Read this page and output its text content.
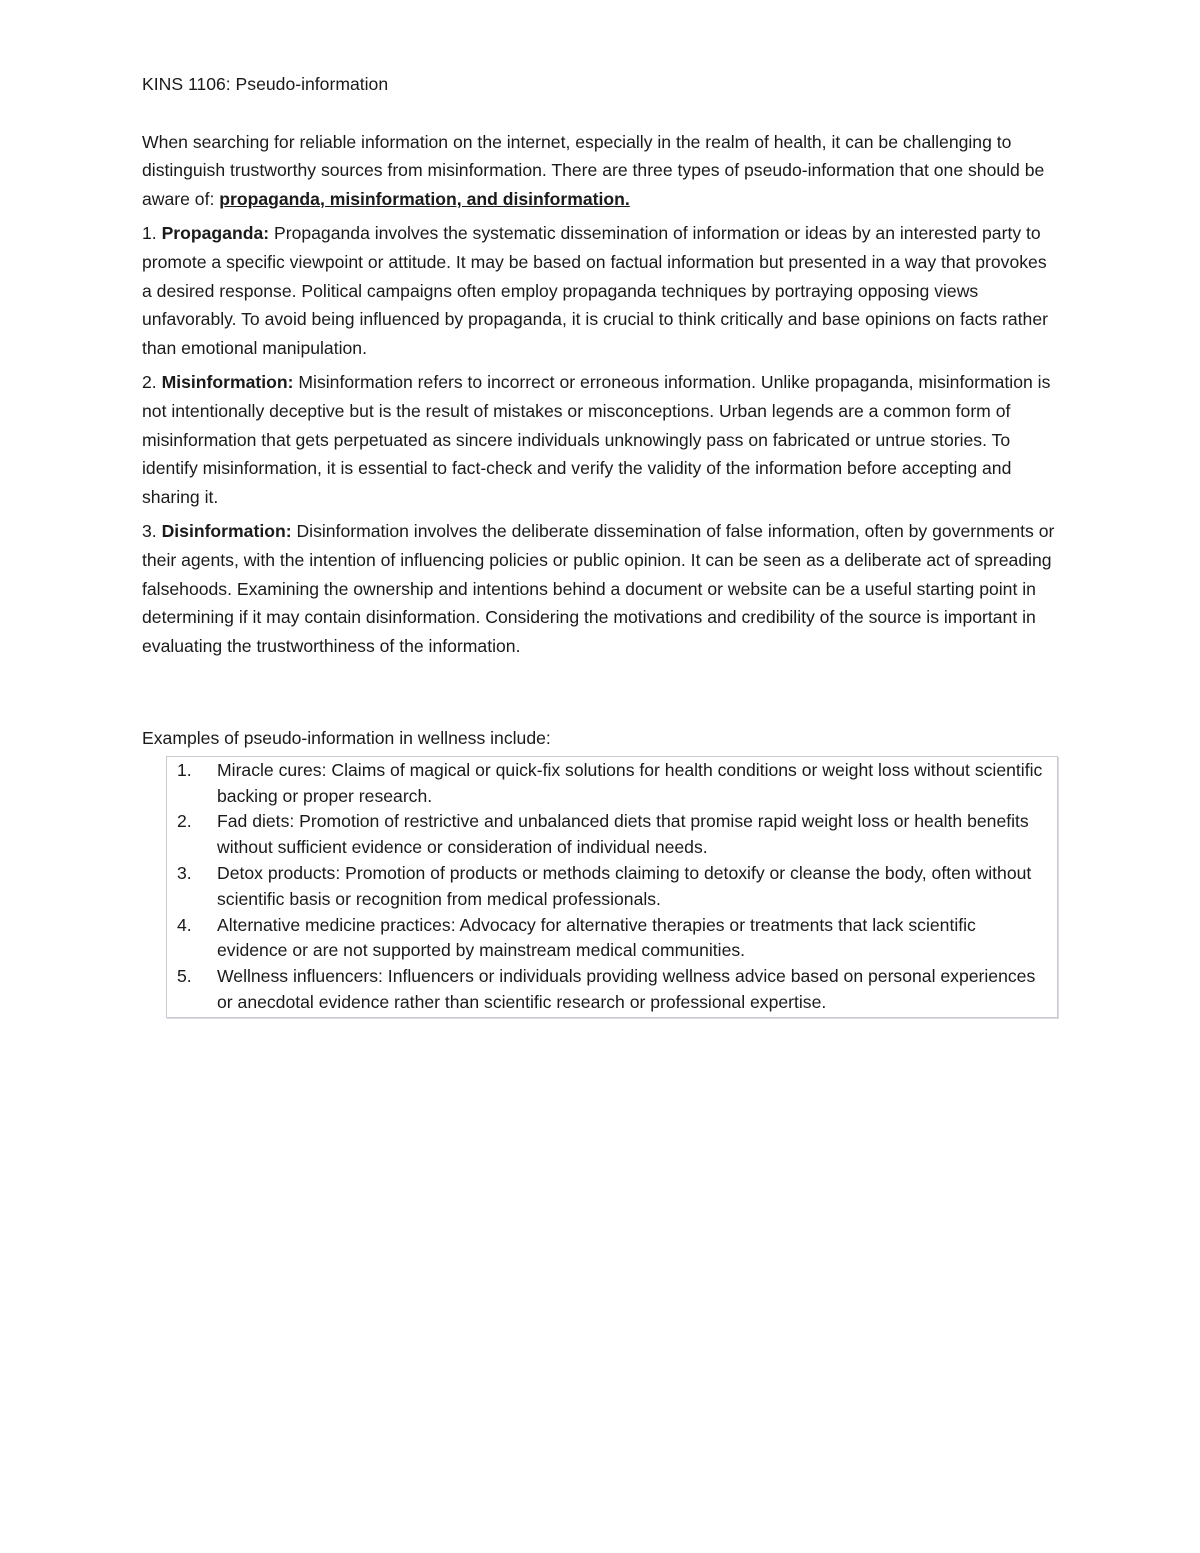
KINS 1106: Pseudo-information

When searching for reliable information on the internet, especially in the realm of health, it can be challenging to distinguish trustworthy sources from misinformation. There are three types of pseudo-information that one should be aware of: propaganda, misinformation, and disinformation.

1. Propaganda: Propaganda involves the systematic dissemination of information or ideas by an interested party to promote a specific viewpoint or attitude. It may be based on factual information but presented in a way that provokes a desired response. Political campaigns often employ propaganda techniques by portraying opposing views unfavorably. To avoid being influenced by propaganda, it is crucial to think critically and base opinions on facts rather than emotional manipulation.

2. Misinformation: Misinformation refers to incorrect or erroneous information. Unlike propaganda, misinformation is not intentionally deceptive but is the result of mistakes or misconceptions. Urban legends are a common form of misinformation that gets perpetuated as sincere individuals unknowingly pass on fabricated or untrue stories. To identify misinformation, it is essential to fact-check and verify the validity of the information before accepting and sharing it.

3. Disinformation: Disinformation involves the deliberate dissemination of false information, often by governments or their agents, with the intention of influencing policies or public opinion. It can be seen as a deliberate act of spreading falsehoods. Examining the ownership and intentions behind a document or website can be a useful starting point in determining if it may contain disinformation. Considering the motivations and credibility of the source is important in evaluating the trustworthiness of the information.

Examples of pseudo-information in wellness include:

1.	Miracle cures: Claims of magical or quick-fix solutions for health conditions or weight loss without scientific backing or proper research.
2.	Fad diets: Promotion of restrictive and unbalanced diets that promise rapid weight loss or health benefits without sufficient evidence or consideration of individual needs.
3.	Detox products: Promotion of products or methods claiming to detoxify or cleanse the body, often without scientific basis or recognition from medical professionals.
4.	Alternative medicine practices: Advocacy for alternative therapies or treatments that lack scientific evidence or are not supported by mainstream medical communities.
5.	Wellness influencers: Influencers or individuals providing wellness advice based on personal experiences or anecdotal evidence rather than scientific research or professional expertise.
